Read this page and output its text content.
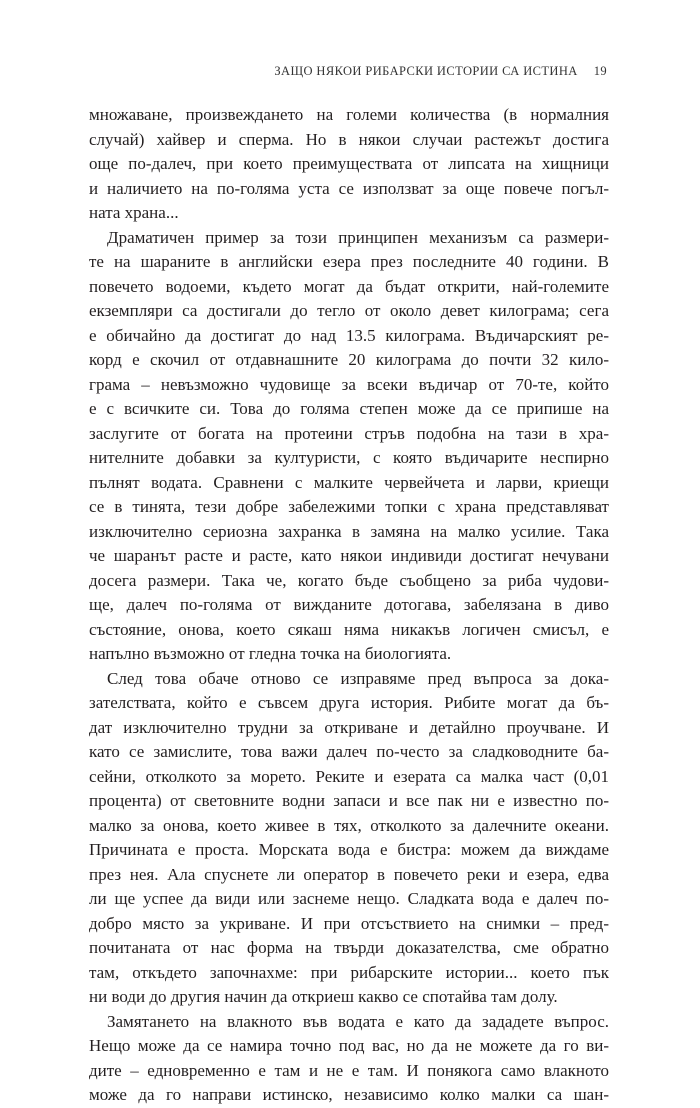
ЗАЩО НЯКОИ РИБАРСКИ ИСТОРИИ СА ИСТИНА 19
множаване, произвеждането на големи количества (в нормалния
случай) хайвер и сперма. Но в някои случаи растежът достига
още по-далеч, при което преимуществата от липсата на хищници
и наличието на по-голяма уста се използват за още повече погъл-
ната храна...
Драматичен пример за този принципен механизъм са размери-
те на шараните в английски езера през последните 40 години. В
повечето водоеми, където могат да бъдат открити, най-големите
екземпляри са достигали до тегло от около девет килограма; сега
е обичайно да достигат до над 13.5 килограма. Въдичарският ре-
корд е скочил от отдавнашните 20 килограма до почти 32 кило-
грама – невъзможно чудовище за всеки въдичар от 70-те, който
е с всичките си. Това до голяма степен може да се припише на
заслугите от богата на протеини стръв подобна на тази в хра-
нителните добавки за културисти, с която въдичарите неспирно
пълнят водата. Сравнени с малките червейчета и ларви, криещи
се в тинята, тези добре забележими топки с храна представляват
изключително сериозна захранка в замяна на малко усилие. Така
че шаранът расте и расте, като някои индивиди достигат нечувани
досега размери. Така че, когато бъде съобщено за риба чудови-
ще, далеч по-голяма от вижданите дотогава, забелязана в диво
състояние, онова, което сякаш няма никакъв логичен смисъл, е
напълно възможно от гледна точка на биологията.
След това обаче отново се изправяме пред въпроса за дока-
зателствата, който е съвсем друга история. Рибите могат да бъ-
дат изключително трудни за откриване и детайлно проучване. И
като се замислите, това важи далеч по-често за сладководните ба-
сейни, отколкото за морето. Реките и езерата са малка част (0,01
процента) от световните водни запаси и все пак ни е известно по-
малко за онова, което живее в тях, отколкото за далечните океани.
Причината е проста. Морската вода е бистра: можем да виждаме
през нея. Ала спуснете ли оператор в повечето реки и езера, едва
ли ще успее да види или заснеме нещо. Сладката вода е далеч по-
добро място за укриване. И при отсъствието на снимки – пред-
почитаната от нас форма на твърди доказателства, сме обратно
там, откъдето започнахме: при рибарските истории... което пък
ни води до другия начин да откриеш какво се спотайва там долу.
Замятането на влакното във водата е като да зададете въпрос.
Нещо може да се намира точно под вас, но да не можете да го ви-
дите – едновременно е там и не е там. И понякога само влакното
може да го направи истинско, независимо колко малки са шан-
